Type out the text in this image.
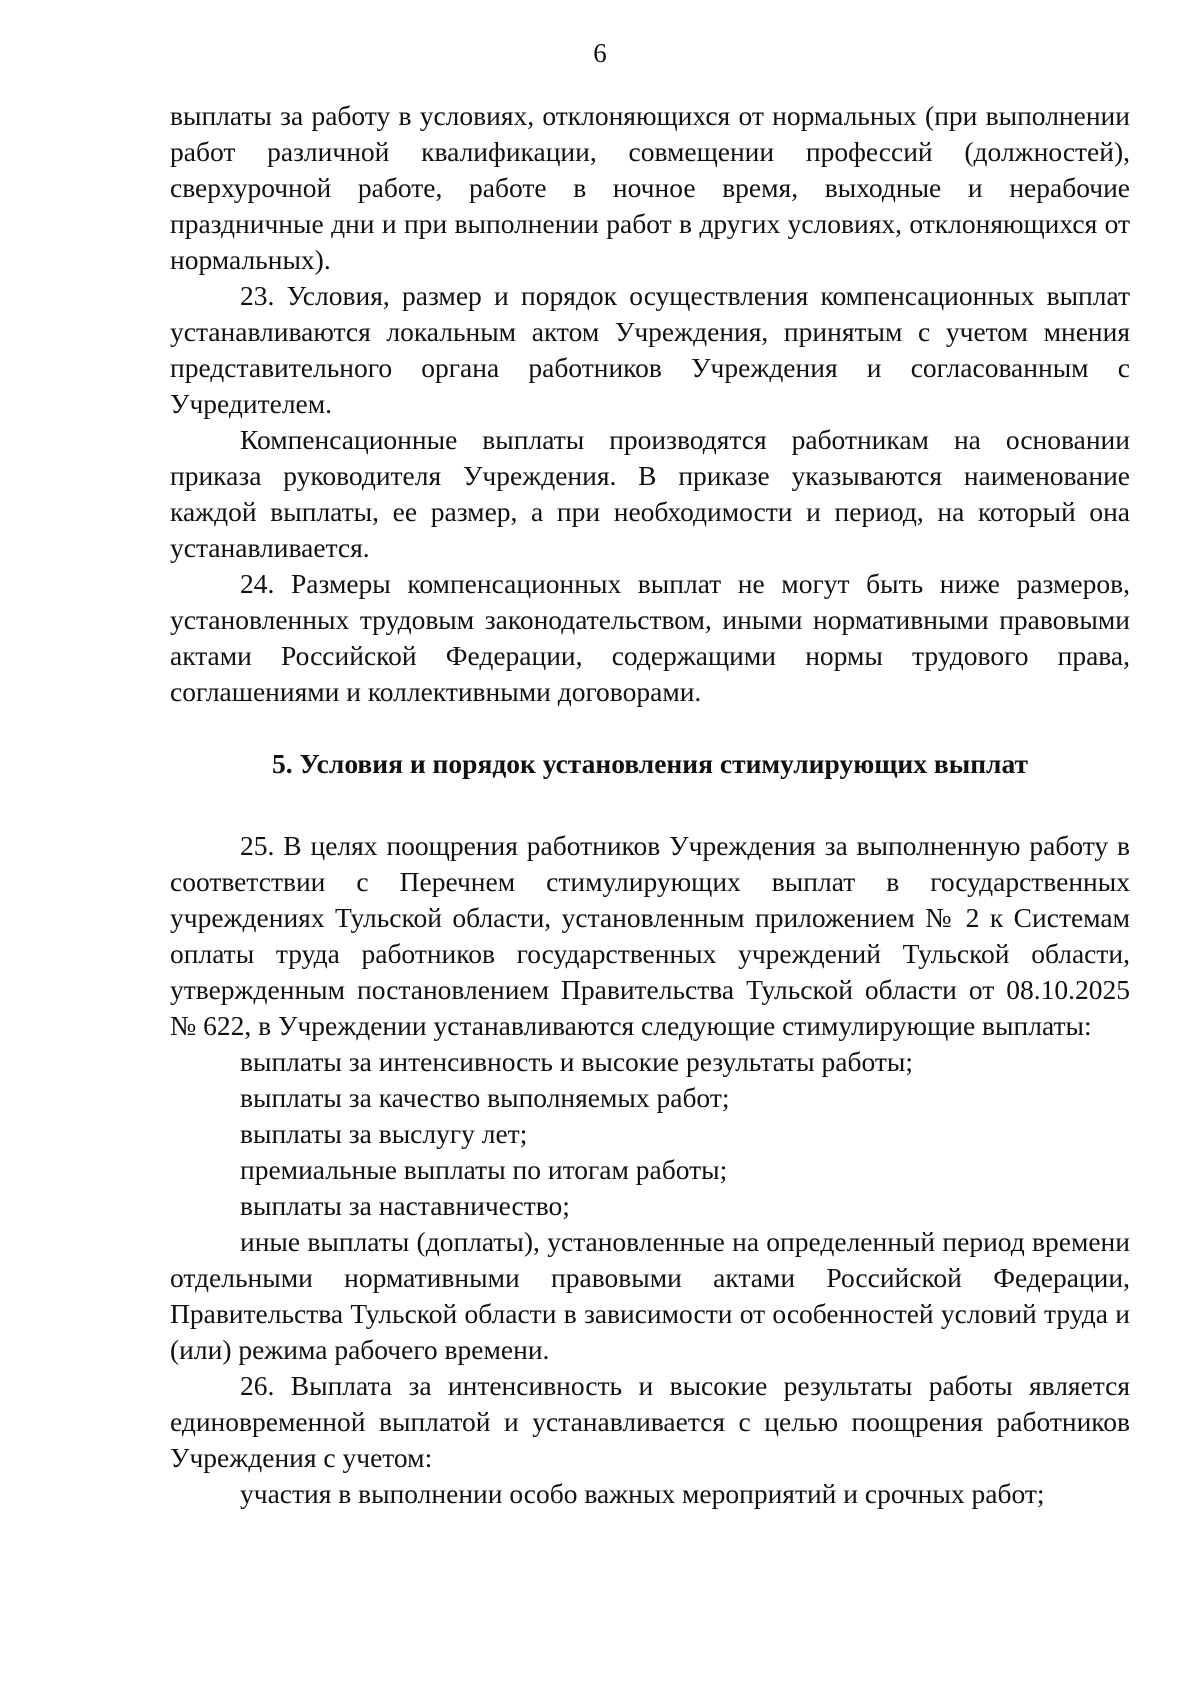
6

выплаты за работу в условиях, отклоняющихся от нормальных (при выполнении работ различной квалификации, совмещении профессий (должностей), сверхурочной работе, работе в ночное время, выходные и нерабочие праздничные дни и при выполнении работ в других условиях, отклоняющихся от нормальных).

23. Условия, размер и порядок осуществления компенсационных выплат устанавливаются локальным актом Учреждения, принятым с учетом мнения представительного органа работников Учреждения и согласованным с Учредителем.

Компенсационные выплаты производятся работникам на основании приказа руководителя Учреждения. В приказе указываются наименование каждой выплаты, ее размер, а при необходимости и период, на который она устанавливается.

24. Размеры компенсационных выплат не могут быть ниже размеров, установленных трудовым законодательством, иными нормативными правовыми актами Российской Федерации, содержащими нормы трудового права, соглашениями и коллективными договорами.

5. Условия и порядок установления стимулирующих выплат

25. В целях поощрения работников Учреждения за выполненную работу в соответствии с Перечнем стимулирующих выплат в государственных учреждениях Тульской области, установленным приложением № 2 к Системам оплаты труда работников государственных учреждений Тульской области, утвержденным постановлением Правительства Тульской области от 08.10.2025 № 622, в Учреждении устанавливаются следующие стимулирующие выплаты:

выплаты за интенсивность и высокие результаты работы;

выплаты за качество выполняемых работ;

выплаты за выслугу лет;

премиальные выплаты по итогам работы;

выплаты за наставничество;

иные выплаты (доплаты), установленные на определенный период времени отдельными нормативными правовыми актами Российской Федерации, Правительства Тульской области в зависимости от особенностей условий труда и (или) режима рабочего времени.

26. Выплата за интенсивность и высокие результаты работы является единовременной выплатой и устанавливается с целью поощрения работников Учреждения с учетом:

участия в выполнении особо важных мероприятий и срочных работ;
